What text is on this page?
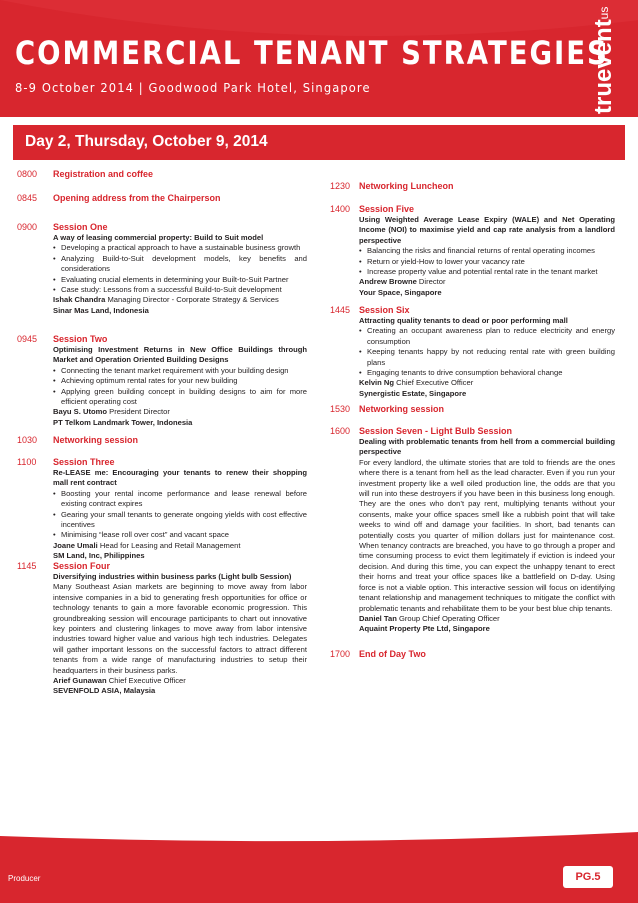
COMMERCIAL TENANT STRATEGIES
8-9 October 2014 | Goodwood Park Hotel, Singapore	truevent$^{us}$
Day 2, Thursday, October 9, 2014
0800 Registration and coffee
0845 Opening address from the Chairperson
0900 Session One

A way of leasing commercial property: Build to Suit model

• Developing a practical approach to have a sustainable business growth

• Analyzing Build-to-Suit development models, key benefits and considerations

• Evaluating crucial elements in determining your Built-to-Suit Partner

• Case study: Lessons from a successful Build-to-Suit development

Ishak Chandra Managing Director - Corporate Strategy & Services

Sinar Mas Land, Indonesia

0945 Session Two

Optimising Investment Returns in New Office Buildings through Market and Operation Oriented Building Designs

• Connecting the tenant market requirement with your building design

• Achieving optimum rental rates for your new building

• Applying green building concept in building designs to aim for more efficient operating cost

Bayu S. Utomo President Director

PT Telkom Landmark Tower, Indonesia

1030 Networking session
1100 Session Three

Re-LEASE me: Encouraging your tenants to renew their shopping mall rent contract

• Boosting your rental income performance and lease renewal before existing contract expires

• Gearing your small tenants to generate ongoing yields with cost effective incentives

• Minimising “lease roll over cost” and vacant space

Joane Umali Head for Leasing and Retail Management

SM Land, Inc, Philippines

1145 Session Four

Diversifying industries within business parks (Light bulb Session)

Many Southeast Asian markets are beginning to move away from labor intensive companies in a bid to generating fresh opportunities for office or technology tenants to gain a more favorable economic progression. This groundbreaking session will encourage participants to chart out innovative key pointers and clustering linkages to move away from labor intensive industries toward higher value and various high tech industries. Delegates will gather important lessons on the successful factors to attract different tenants from a wide range of manufacturing industries to setup their headquarters in their business parks.

Arief Gunawan Chief Executive Officer

SEVENFOLD ASIA, Malaysia

1230 Networking Luncheon
1400 Session Five

Using Weighted Average Lease Expiry (WALE) and Net Operating Income (NOI) to maximise yield and cap rate analysis from a landlord perspective

• Balancing the risks and financial returns of rental operating incomes

• Return or yield-How to lower your vacancy rate

• Increase property value and potential rental rate in the tenant market

Andrew Browne Director

Your Space, Singapore

1445 Session Six

Attracting quality tenants to dead or poor performing mall

• Creating an occupant awareness plan to reduce electricity and energy consumption

• Keeping tenants happy by not reducing rental rate with green building plans

• Engaging tenants to drive consumption behavioral change

Kelvin Ng Chief Executive Officer

Synergistic Estate, Singapore

1530 Networking session
1600 Session Seven - Light Bulb Session

Dealing with problematic tenants from hell from a commercial building perspective

For every landlord, the ultimate stories that are told to friends are the ones where there is a tenant from hell as the lead character. Even if you run your investment property like a well oiled production line, the odds are that you will run into these destroyers if you have been in this business long enough. They are the ones who don’t pay rent, multiplying tenants without your consents, make your office spaces smell like a rubbish point that will take weeks to wind off and damage your facilities. In short, bad tenants can potentially costs you quarter of million dollars just for maintenance cost. When tenancy contracts are breached, you have to go through a proper and time consuming process to evict them legitimately if eviction is indeed your decision. And during this time, you can expect the unhappy tenant to erect their horns and treat your office spaces like a battlefield on D-day. Using force is not a viable option. This interactive session will focus on identifying tenant relationship and management techniques to mitigate the conflict with problematic tenants and rehabilitate them to be your best blue chip tenants.

Daniel Tan Group Chief Operating Officer

Aquaint Property Pte Ltd, Singapore

1700 End of Day Two
Producer	PG.5
